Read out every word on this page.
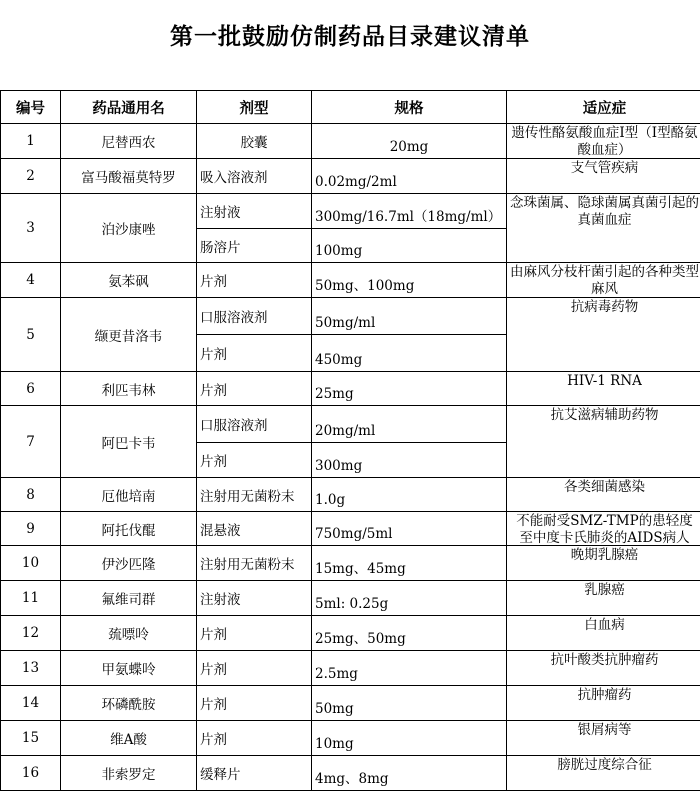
第一批鼓励仿制药品目录建议清单
编号	药品通用名	剂型	规格	适应症
1	尼替西农	胶囊	20mg	遗传性酪氨酸血症I型（Ⅰ型酪氨酸血症）

2	富马酸福莫特罗	吸入溶液剂	0.02mg/2ml	支气管疾病

3	泊沙康唑	注射液	300mg/16.7ml（18mg/ml）	念珠菌属、隐球菌属真菌引起的真菌血症

		肠溶片	100mg	
4	氨苯砜	片剂	50mg、100mg	由麻风分枝杆菌引起的各种类型麻风

5	缬更昔洛韦	口服溶液剂	50mg/ml	抗病毒药物

		片剂	450mg	
6	利匹韦林	片剂	25mg	HIV-1 RNA

7	阿巴卡韦	口服溶液剂	20mg/ml	抗艾滋病辅助药物

		片剂	300mg	
8	厄他培南	注射用无菌粉末	1.0g	各类细菌感染

9	阿托伐醌	混悬液	750mg/5ml	不能耐受SMZ-TMP的患轻度至中度卡氏肺炎的AIDS病人

10	伊沙匹隆	注射用无菌粉末	15mg、45mg	晚期乳腺癌

11	氟维司群	注射液	5ml: 0.25g	乳腺癌

12	巯嘌呤	片剂	25mg、50mg	白血病

13	甲氨蝶呤	片剂	2.5mg	抗叶酸类抗肿瘤药

14	环磷酰胺	片剂	50mg	抗肿瘤药

15	维A酸	片剂	10mg	银屑病等

16	非索罗定	缓释片	4mg、8mg	膀胱过度综合征
